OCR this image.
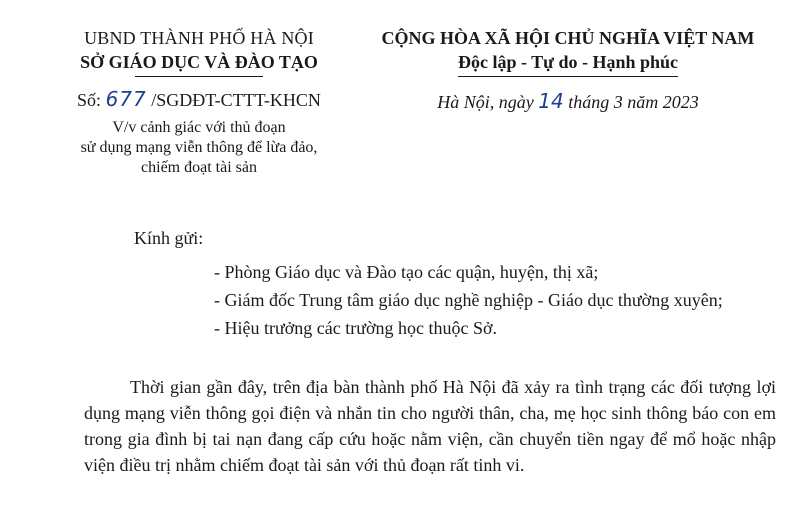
UBND THÀNH PHỐ HÀ NỘI
SỞ GIÁO DỤC VÀ ĐÀO TẠO
Số: 677 /SGDĐT-CTTT-KHCN
V/v cảnh giác với thủ đoạn
sử dụng mạng viễn thông để lừa đảo,
chiếm đoạt tài sản
CỘNG HÒA XÃ HỘI CHỦ NGHĨA VIỆT NAM
Độc lập - Tự do - Hạnh phúc
Hà Nội, ngày 14 tháng 3 năm 2023
Kính gửi:
- Phòng Giáo dục và Đào tạo các quận, huyện, thị xã;
- Giám đốc Trung tâm giáo dục nghề nghiệp - Giáo dục thường xuyên;
- Hiệu trưởng các trường học thuộc Sở.
Thời gian gần đây, trên địa bàn thành phố Hà Nội đã xảy ra tình trạng các đối tượng lợi dụng mạng viễn thông gọi điện và nhắn tin cho người thân, cha, mẹ học sinh thông báo con em trong gia đình bị tai nạn đang cấp cứu hoặc nằm viện, cần chuyển tiền ngay để mổ hoặc nhập viện điều trị nhằm chiếm đoạt tài sản với thủ đoạn rất tinh vi.
